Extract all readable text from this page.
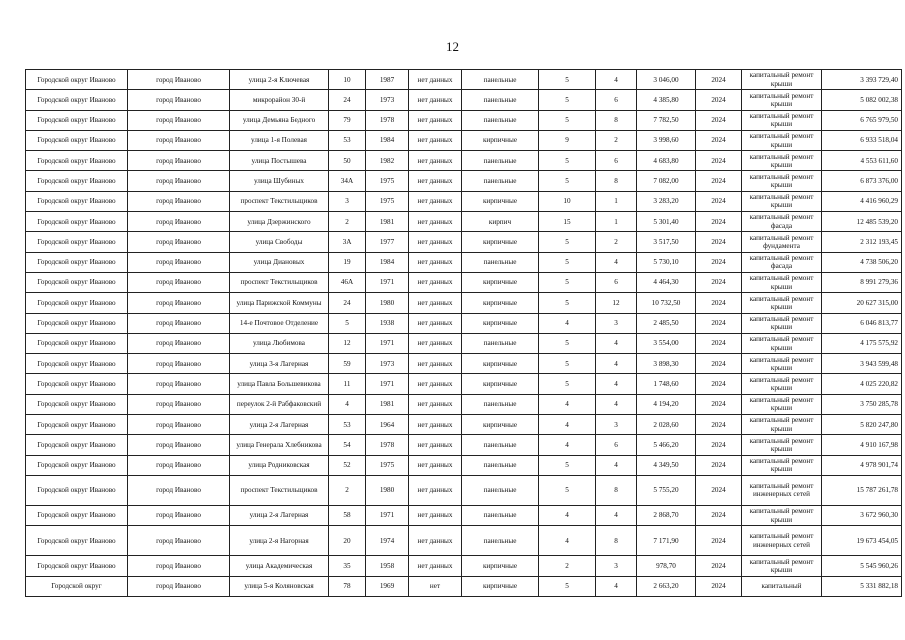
12
Городской округ Иваново	город Иваново	улица 2-я Ключевая	10	1987	нет данных	панельные	5	4	3 046,00	2024	капитальный ремонт крыши	3 393 729,40
Городской округ Иваново	город Иваново	микрорайон 30-й	24	1973	нет данных	панельные	5	6	4 385,80	2024	капитальный ремонт крыши	5 082 002,38
Городской округ Иваново	город Иваново	улица Демьяна Бедного	79	1978	нет данных	панельные	5	8	7 782,50	2024	капитальный ремонт крыши	6 765 979,50
Городской округ Иваново	город Иваново	улица 1-я Полевая	53	1984	нет данных	кирпичные	9	2	3 998,60	2024	капитальный ремонт крыши	6 933 518,04
Городской округ Иваново	город Иваново	улица Постышева	50	1982	нет данных	панельные	5	6	4 683,80	2024	капитальный ремонт крыши	4 553 611,60
Городской округ Иваново	город Иваново	улица Шубиных	34А	1975	нет данных	панельные	5	8	7 082,00	2024	капитальный ремонт крыши	6 873 376,00
Городской округ Иваново	город Иваново	проспект Текстильщиков	3	1975	нет данных	кирпичные	10	1	3 283,20	2024	капитальный ремонт крыши	4 416 960,29
Городской округ Иваново	город Иваново	улица Дзержинского	2	1981	нет данных	кирпич	15	1	5 301,40	2024	капитальный ремонт фасада	12 485 539,20
Городской округ Иваново	город Иваново	улица Свободы	3А	1977	нет данных	кирпичные	5	2	3 517,50	2024	капитальный ремонт фундамента	2 312 193,45
Городской округ Иваново	город Иваново	улица Диановых	19	1984	нет данных	панельные	5	4	5 730,10	2024	капитальный ремонт фасада	4 738 506,20
Городской округ Иваново	город Иваново	проспект Текстильщиков	46А	1971	нет данных	кирпичные	5	6	4 464,30	2024	капитальный ремонт крыши	8 991 279,36
Городской округ Иваново	город Иваново	улица Парижской Коммуны	24	1980	нет данных	кирпичные	5	12	10 732,50	2024	капитальный ремонт крыши	20 627 315,00
Городской округ Иваново	город Иваново	14-е Почтовое Отделение	5	1938	нет данных	кирпичные	4	3	2 485,50	2024	капитальный ремонт крыши	6 046 813,77
Городской округ Иваново	город Иваново	улица Любимова	12	1971	нет данных	панельные	5	4	3 554,00	2024	капитальный ремонт крыши	4 175 575,92
Городской округ Иваново	город Иваново	улица 3-я Лагерная	59	1973	нет данных	кирпичные	5	4	3 898,30	2024	капитальный ремонт крыши	3 943 599,48
Городской округ Иваново	город Иваново	улица Павла Большевикова	11	1971	нет данных	кирпичные	5	4	1 748,60	2024	капитальный ремонт крыши	4 025 220,82
Городской округ Иваново	город Иваново	переулок 2-й Рабфаковский	4	1981	нет данных	панельные	4	4	4 194,20	2024	капитальный ремонт крыши	3 750 285,78
Городской округ Иваново	город Иваново	улица 2-я Лагерная	53	1964	нет данных	кирпичные	4	3	2 028,60	2024	капитальный ремонт крыши	5 820 247,80
Городской округ Иваново	город Иваново	улица Генерала Хлебникова	54	1978	нет данных	панельные	4	6	5 466,20	2024	капитальный ремонт крыши	4 910 167,98
Городской округ Иваново	город Иваново	улица Родниковская	52	1975	нет данных	панельные	5	4	4 349,50	2024	капитальный ремонт крыши	4 978 901,74
Городской округ Иваново	город Иваново	проспект Текстильщиков	2	1980	нет данных	панельные	5	8	5 755,20	2024	капитальный ремонт инженерных сетей	15 787 261,78
Городской округ Иваново	город Иваново	улица 2-я Лагерная	58	1971	нет данных	панельные	4	4	2 868,70	2024	капитальный ремонт крыши	3 672 960,30
Городской округ Иваново	город Иваново	улица 2-я Нагорная	20	1974	нет данных	панельные	4	8	7 171,90	2024	капитальный ремонт инженерных сетей	19 673 454,05
Городской округ Иваново	город Иваново	улица Академическая	35	1958	нет данных	кирпичные	2	3	978,70	2024	капитальный ремонт крыши	5 545 960,26
Городской округ	город Иваново	улица 5-я Коляновская	78	1969	нет	кирпичные	5	4	2 663,20	2024	капитальный	5 331 882,18
